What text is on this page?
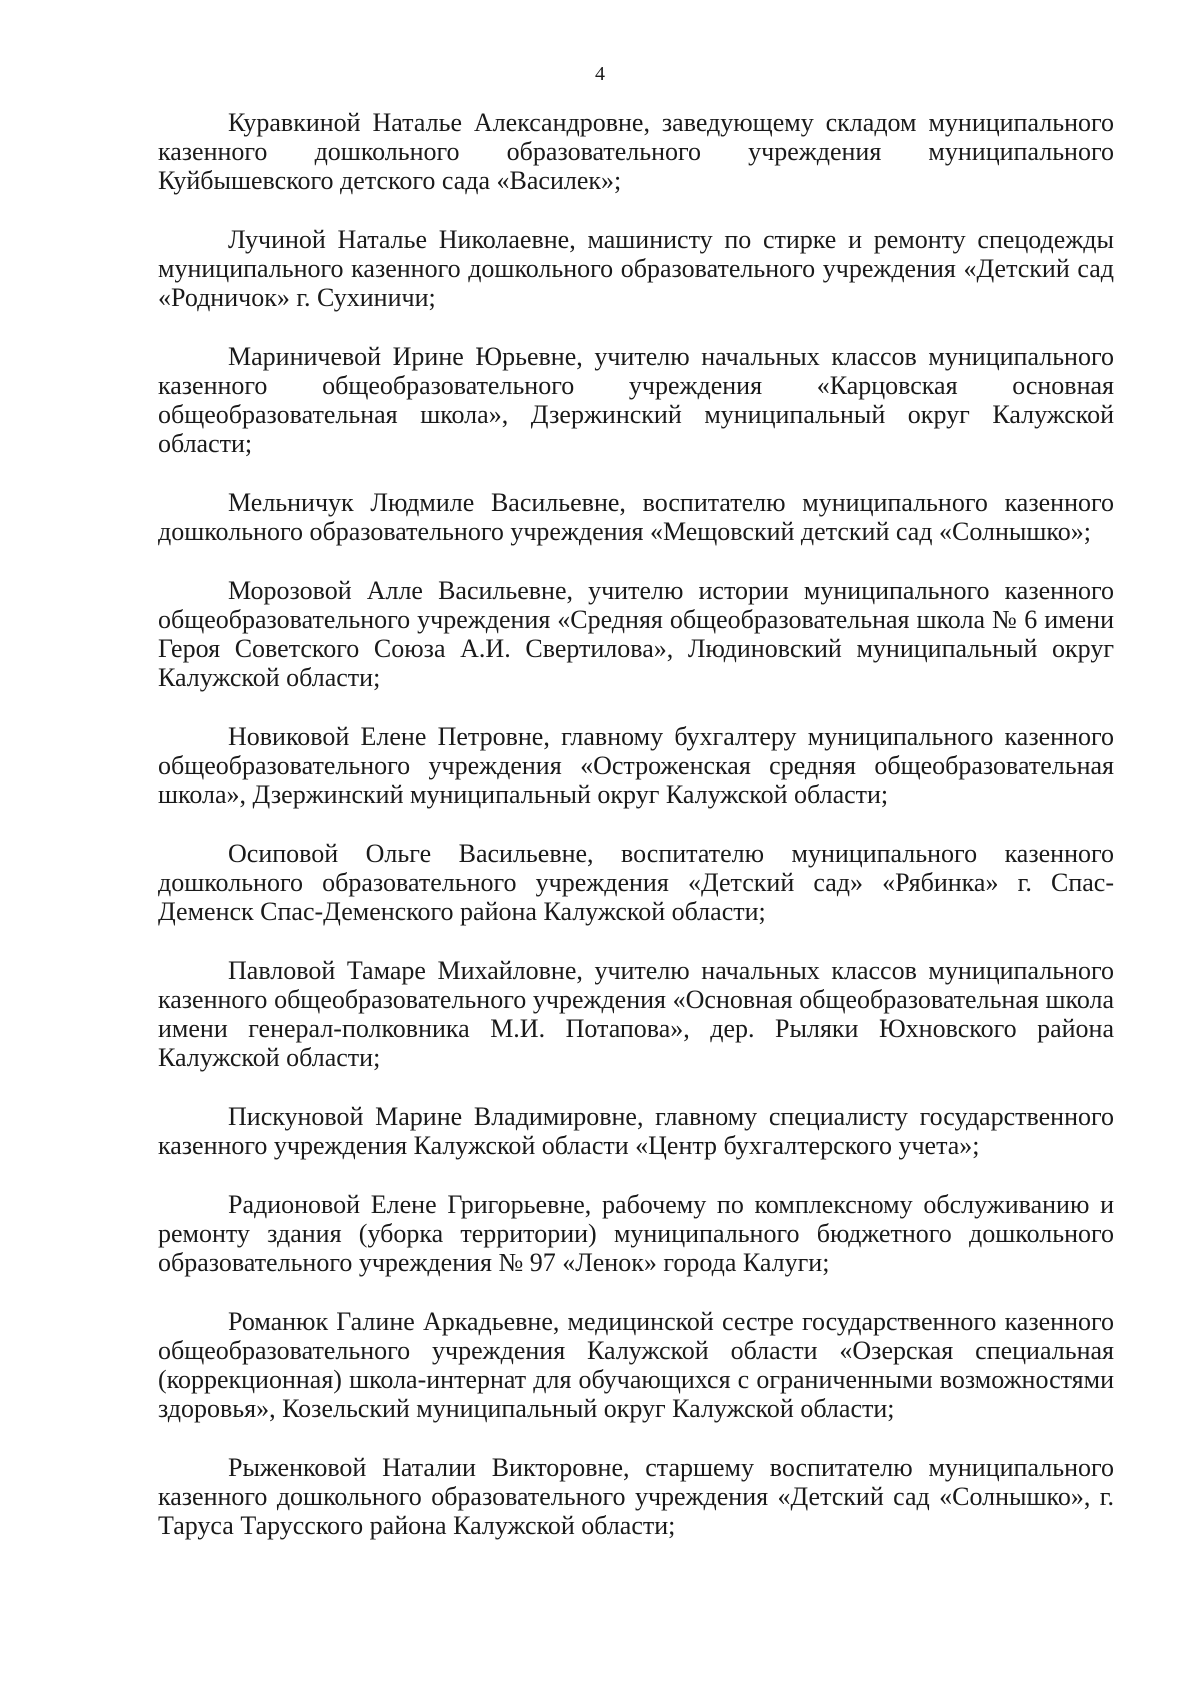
4

Куравкиной Наталье Александровне, заведующему складом муниципального казенного дошкольного образовательного учреждения муниципального Куйбышевского детского сада «Василек»;

Лучиной Наталье Николаевне, машинисту по стирке и ремонту спецодежды муниципального казенного дошкольного образовательного учреждения «Детский сад «Родничок» г. Сухиничи;

Мариничевой Ирине Юрьевне, учителю начальных классов муниципального казенного общеобразовательного учреждения «Карцовская основная общеобразовательная школа», Дзержинский муниципальный округ Калужской области;

Мельничук Людмиле Васильевне, воспитателю муниципального казенного дошкольного образовательного учреждения «Мещовский детский сад «Солнышко»;

Морозовой Алле Васильевне, учителю истории муниципального казенного общеобразовательного учреждения «Средняя общеобразовательная школа № 6 имени Героя Советского Союза А.И. Свертилова», Людиновский муниципальный округ Калужской области;

Новиковой Елене Петровне, главному бухгалтеру муниципального казенного общеобразовательного учреждения «Остроженская средняя общеобразовательная школа», Дзержинский муниципальный округ Калужской области;

Осиповой Ольге Васильевне, воспитателю муниципального казенного дошкольного образовательного учреждения «Детский сад» «Рябинка» г. Спас-Деменск Спас-Деменского района Калужской области;

Павловой Тамаре Михайловне, учителю начальных классов муниципального казенного общеобразовательного учреждения «Основная общеобразовательная школа имени генерал-полковника М.И. Потапова», дер. Рыляки Юхновского района Калужской области;

Пискуновой Марине Владимировне, главному специалисту государственного казенного учреждения Калужской области «Центр бухгалтерского учета»;

Радионовой Елене Григорьевне, рабочему по комплексному обслуживанию и ремонту здания (уборка территории) муниципального бюджетного дошкольного образовательного учреждения № 97 «Ленок» города Калуги;

Романюк Галине Аркадьевне, медицинской сестре государственного казенного общеобразовательного учреждения Калужской области «Озерская специальная (коррекционная) школа-интернат для обучающихся с ограниченными возможностями здоровья», Козельский муниципальный округ Калужской области;

Рыженковой Наталии Викторовне, старшему воспитателю муниципального казенного дошкольного образовательного учреждения «Детский сад «Солнышко», г. Таруса Тарусского района Калужской области;
